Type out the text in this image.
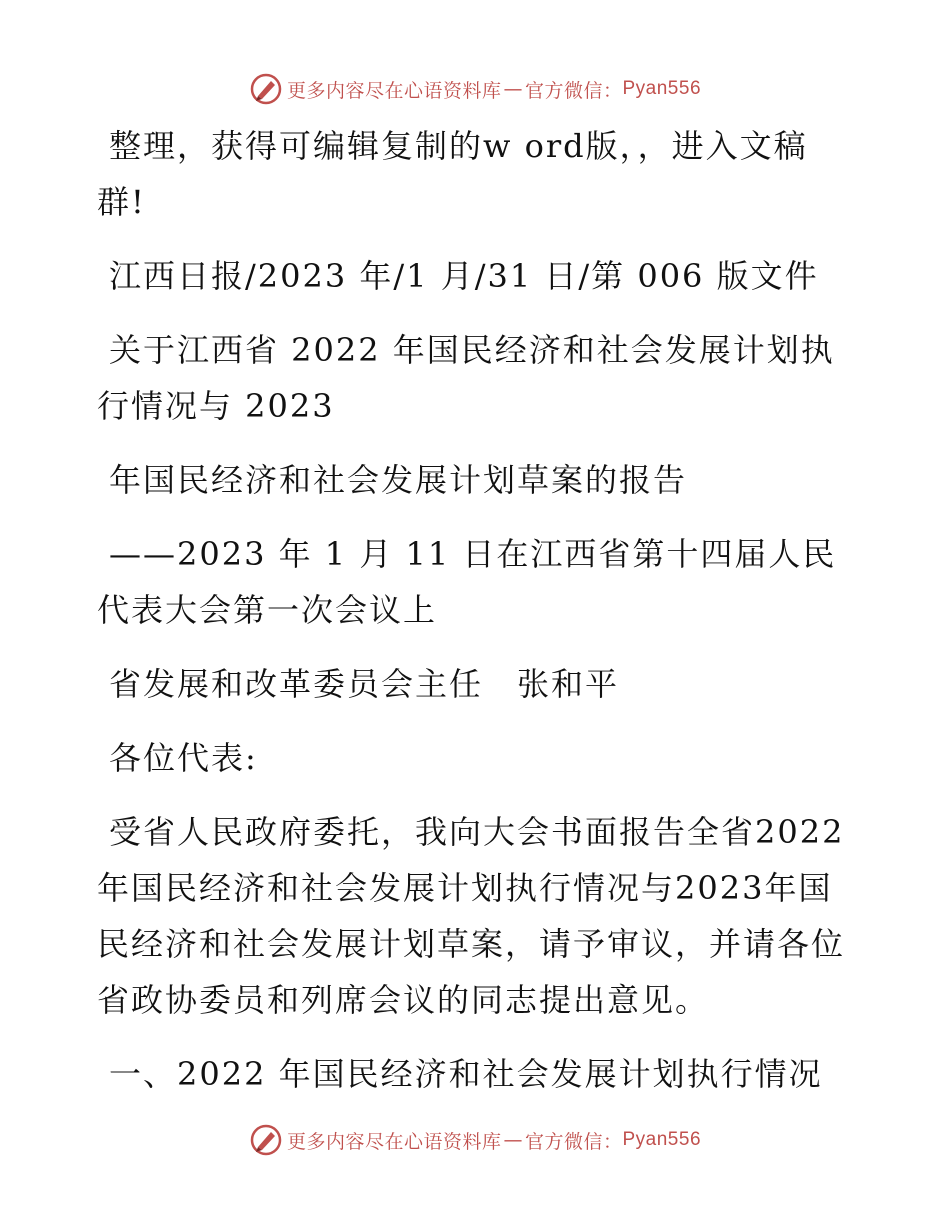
更多内容尽在心语资料库 — 官方微信： Pyan556

整理，获得可编辑复制的w ord版，，进入文稿

群!

江西日报/2023 年/1 月/31 日/第 006 版文件

关于江西省 2022 年国民经济和社会发展计划执

行情况与 2023

年国民经济和社会发展计划草案的报告

——2023 年 1 月 11 日在江西省第十四届人民

代表大会第一次会议上

省发展和改革委员会主任　张和平

各位代表:

受省人民政府委托，我向大会书面报告全省2022

年国民经济和社会发展计划执行情况与2023年国

民经济和社会发展计划草案，请予审议，并请各位

省政协委员和列席会议的同志提出意见。

一、2022 年国民经济和社会发展计划执行情况

更多内容尽在心语资料库 — 官方微信： Pyan556
